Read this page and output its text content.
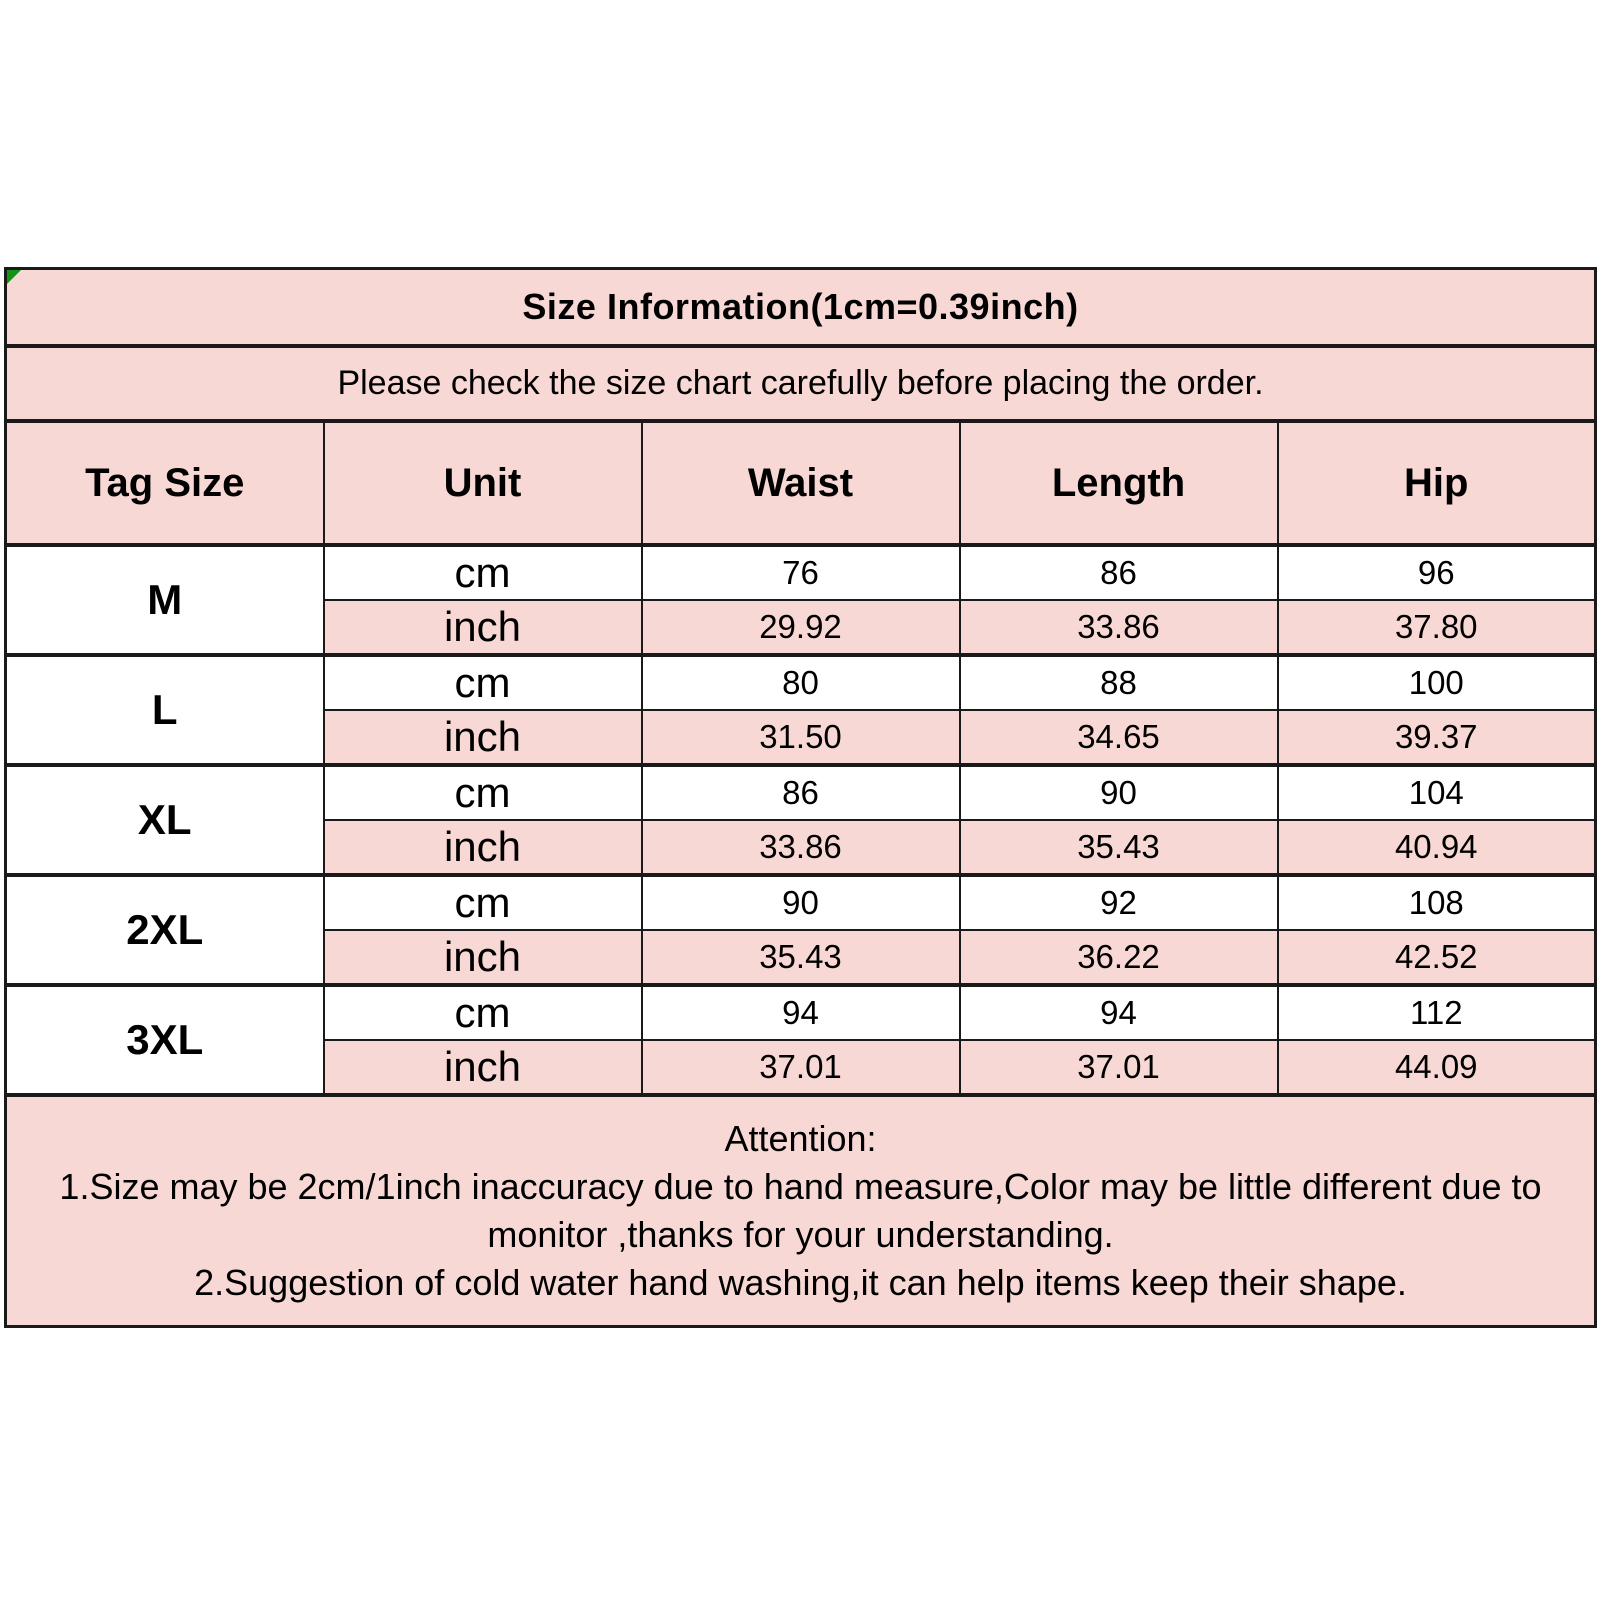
Size Information(1cm=0.39inch)				
Please check the size chart carefully before placing the order.				
Tag Size	Unit	Waist	Length	Hip
M	cm	76	86	96
	inch	29.92	33.86	37.80
L	cm	80	88	100
	inch	31.50	34.65	39.37
XL	cm	86	90	104
	inch	33.86	35.43	40.94
2XL	cm	90	92	108
	inch	35.43	36.22	42.52
3XL	cm	94	94	112
	inch	37.01	37.01	44.09

Attention:
1.Size may be 2cm/1inch inaccuracy due to hand measure,Color may be little different due to monitor ,thanks for your understanding.
2.Suggestion of cold water hand washing,it can help items keep their shape.				
